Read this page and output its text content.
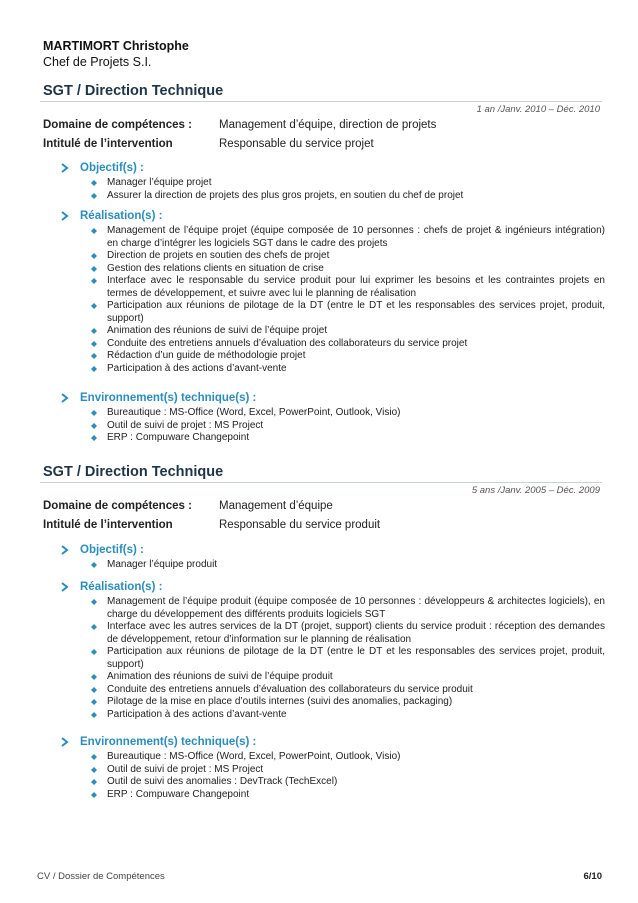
MARTIMORT Christophe
Chef de Projets S.I.
SGT / Direction Technique
1 an /Janv. 2010 – Déc. 2010
Domaine de compétences : Management d’équipe, direction de projets
Intitulé de l’intervention	Responsable du service projet
Objectif(s) :
Manager l’équipe projet
Assurer la direction de projets des plus gros projets, en soutien du chef de projet
Réalisation(s) :
Management de l’équipe projet (équipe composée de 10 personnes : chefs de projet & ingénieurs intégration) en charge d’intégrer les logiciels SGT dans le cadre des projets
Direction de projets en soutien des chefs de projet
Gestion des relations clients en situation de crise
Interface avec le responsable du service produit pour lui exprimer les besoins et les contraintes projets en termes de développement, et suivre avec lui le planning de réalisation
Participation aux réunions de pilotage de la DT (entre le DT et les responsables des services projet, produit, support)
Animation des réunions de suivi de l’équipe projet
Conduite des entretiens annuels d’évaluation des collaborateurs du service projet
Rédaction d’un guide de méthodologie projet
Participation à des actions d’avant-vente
Environnement(s) technique(s) :
Bureautique : MS-Office (Word, Excel, PowerPoint, Outlook, Visio)
Outil de suivi de projet : MS Project
ERP : Compuware Changepoint
SGT / Direction Technique
5 ans /Janv. 2005 – Déc. 2009
Domaine de compétences : Management d’équipe
Intitulé de l’intervention	Responsable du service produit
Objectif(s) :
Manager l’équipe produit
Réalisation(s) :
Management de l’équipe produit (équipe composée de 10 personnes : développeurs & architectes logiciels), en charge du développement des différents produits logiciels SGT
Interface avec les autres services de la DT (projet, support) clients du service produit : réception des demandes de développement, retour d’information sur le planning de réalisation
Participation aux réunions de pilotage de la DT (entre le DT et les responsables des services projet, produit, support)
Animation des réunions de suivi de l’équipe produit
Conduite des entretiens annuels d’évaluation des collaborateurs du service produit
Pilotage de la mise en place d’outils internes (suivi des anomalies, packaging)
Participation à des actions d’avant-vente
Environnement(s) technique(s) :
Bureautique : MS-Office (Word, Excel, PowerPoint, Outlook, Visio)
Outil de suivi de projet : MS Project
Outil de suivi des anomalies : DevTrack (TechExcel)
ERP : Compuware Changepoint
CV / Dossier de Compétences	6/10
